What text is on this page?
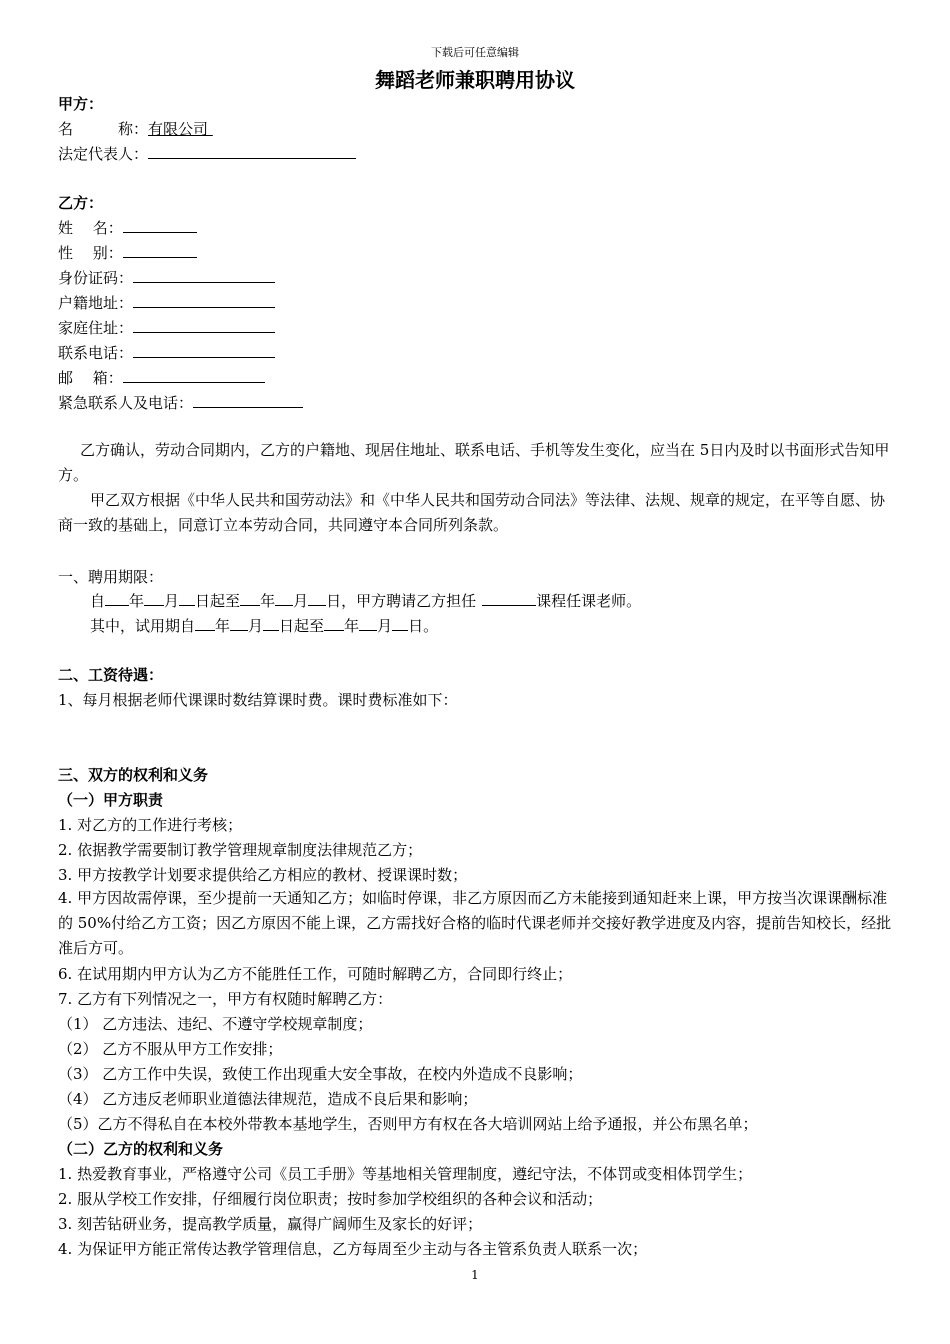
下载后可任意编辑
舞蹈老师兼职聘用协议
甲方：
名　　　称：有限公司
法定代表人：
乙方：
姓　 名：
性　 别：
身份证码：
户籍地址：
家庭住址：
联系电话：
邮　 箱：
紧急联系人及电话：
乙方确认，劳动合同期内，乙方的户籍地、现居住地址、联系电话、手机等发生变化，应当在 5日内及时以书面形式告知甲方。
甲乙双方根据《中华人民共和国劳动法》和《中华人民共和国劳动合同法》等法律、法规、规章的规定，在平等自愿、协商一致的基础上，同意订立本劳动合同，共同遵守本合同所列条款。
一、聘用期限：
自 年 月 日起至 年 月 日，甲方聘请乙方担任	课程任课老师。
其中，试用期自 年 月 日起至 年 月 日。
二、工资待遇：
1、每月根据老师代课课时数结算课时费。课时费标准如下：
三、双方的权利和义务
（一）甲方职责
1. 对乙方的工作进行考核；
2. 依据教学需要制订教学管理规章制度法律规范乙方；
3. 甲方按教学计划要求提供给乙方相应的教材、授课课时数；
4. 甲方因故需停课，至少提前一天通知乙方；如临时停课，非乙方原因而乙方未能接到通知赶来上课，甲方按当次课课酬标准的 50%付给乙方工资；因乙方原因不能上课，乙方需找好合格的临时代课老师并交接好教学进度及内容，提前告知校长，经批准后方可。
6. 在试用期内甲方认为乙方不能胜任工作，可随时解聘乙方，合同即行终止；
7. 乙方有下列情况之一，甲方有权随时解聘乙方：
（1） 乙方违法、违纪、不遵守学校规章制度；
（2） 乙方不服从甲方工作安排；
（3） 乙方工作中失误，致使工作出现重大安全事故，在校内外造成不良影响；
（4） 乙方违反老师职业道德法律规范，造成不良后果和影响；
（5）乙方不得私自在本校外带教本基地学生，否则甲方有权在各大培训网站上给予通报，并公布黑名单；
（二）乙方的权利和义务
1. 热爱教育事业，严格遵守公司《员工手册》等基地相关管理制度，遵纪守法，不体罚或变相体罚学生；
2. 服从学校工作安排，仔细履行岗位职责；按时参加学校组织的各种会议和活动；
3. 刻苦钻研业务，提高教学质量，赢得广阔师生及家长的好评；
4. 为保证甲方能正常传达教学管理信息，乙方每周至少主动与各主管系负责人联系一次；
1
